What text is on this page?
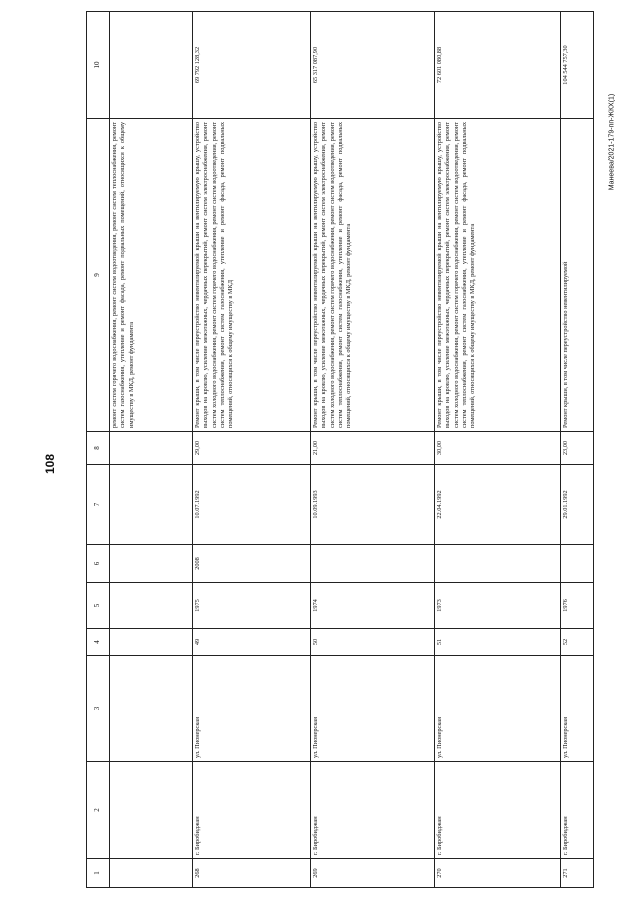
108
1	2	3	4	5	6	7	8	9	10
								ремонт систем горячего водоснабжения, ремонт систем водоотведения, ремонт систем теплоснабжения, ремонт систем газоснабжения, утепление и ремонт фасада, ремонт подвальных помещений, относящихся к общему имуществу в МКД, ремонт фундамента	
268	г. Биробиджан	ул. Пионерская	49	1975	2008	10.07.1992	29,00	Ремонт крыши, в том числе переустройство невентилируемой крыши на вентилируемую крышу, устройство выходов на кровлю, усиление межэтажных, чердачных перекрытий, ремонт систем электроснабжения, ремонт систем холодного водоснабжения, ремонт систем горячего водоснабжения, ремонт систем водоотведения, ремонт систем теплоснабжения, ремонт систем газоснабжения, утепление и ремонт фасада, ремонт подвальных помещений, относящихся к общему имуществу в МКД	69 792 128,32
269	г. Биробиджан	ул. Пионерская	50	1974		10.09.1993	21,00	Ремонт крыши, в том числе переустройство невентилируемой крыши на вентилируемую крышу, устройство выходов на кровлю, усиление межэтажных, чердачных перекрытий, ремонт систем электроснабжения, ремонт систем холодного водоснабжения, ремонт систем горячего водоснабжения, ремонт систем водоотведения, ремонт систем теплоснабжения, ремонт систем газоснабжения, утепление и ремонт фасада, ремонт подвальных помещений, относящихся к общему имуществу в МКД, ремонт фундамента	65 317 087,90
270	г. Биробиджан	ул. Пионерская	51	1973		22.04.1992	30,00	Ремонт крыши, в том числе переустройство невентилируемой крыши на вентилируемую крышу, устройство выходов на кровлю, усиление межэтажных, чердачных перекрытий, ремонт систем электроснабжения, ремонт систем холодного водоснабжения, ремонт систем горячего водоснабжения, ремонт систем водоотведения, ремонт систем теплоснабжения, ремонт систем газоснабжения, утепление и ремонт фасада, ремонт подвальных помещений, относящихся к общему имуществу в МКД, ремонт фундамента	72 601 080,88
271	г. Биробиджан	ул. Пионерская	52	1976		29.01.1992	23,00	Ремонт крыши, в том числе переустройство невентилируемой	104 544 757,30
Манеева/2021-179-пп-ЖКХ(1)
